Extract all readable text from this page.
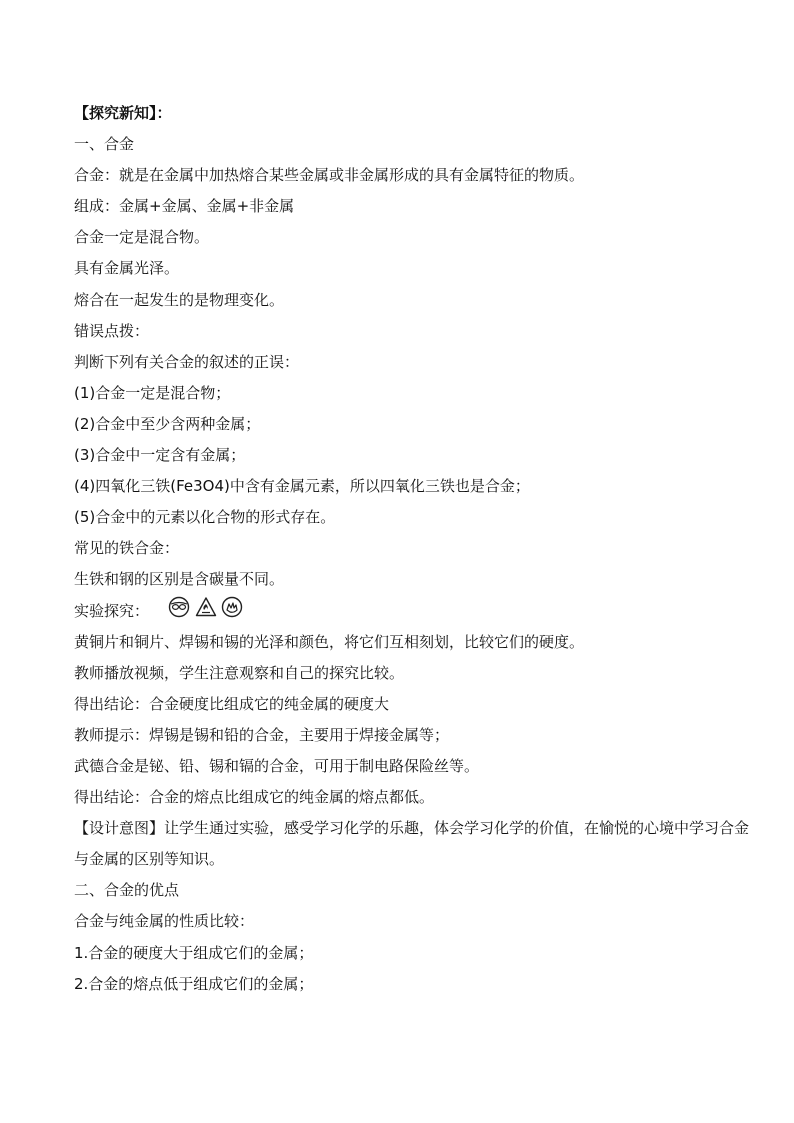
【探究新知】：
一、合金
合金：就是在金属中加热熔合某些金属或非金属形成的具有金属特征的物质。
组成：金属+金属、金属+非金属
合金一定是混合物。
具有金属光泽。
熔合在一起发生的是物理变化。
错误点拨：
判断下列有关合金的叙述的正误：
(1)合金一定是混合物；
(2)合金中至少含两种金属；
(3)合金中一定含有金属；
(4)四氧化三铁(Fe3O4)中含有金属元素，所以四氧化三铁也是合金；
(5)合金中的元素以化合物的形式存在。
常见的铁合金：
生铁和钢的区别是含碳量不同。
实验探究：
黄铜片和铜片、焊锡和锡的光泽和颜色，将它们互相刻划，比较它们的硬度。
教师播放视频，学生注意观察和自己的探究比较。
得出结论：合金硬度比组成它的纯金属的硬度大
教师提示：焊锡是锡和铅的合金，主要用于焊接金属等；
武德合金是铋、铅、锡和镉的合金，可用于制电路保险丝等。
得出结论：合金的熔点比组成它的纯金属的熔点都低。
【设计意图】让学生通过实验，感受学习化学的乐趣，体会学习化学的价值，在愉悦的心境中学习合金与金属的区别等知识。
二、合金的优点
合金与纯金属的性质比较：
1.合金的硬度大于组成它们的金属；
2.合金的熔点低于组成它们的金属；
